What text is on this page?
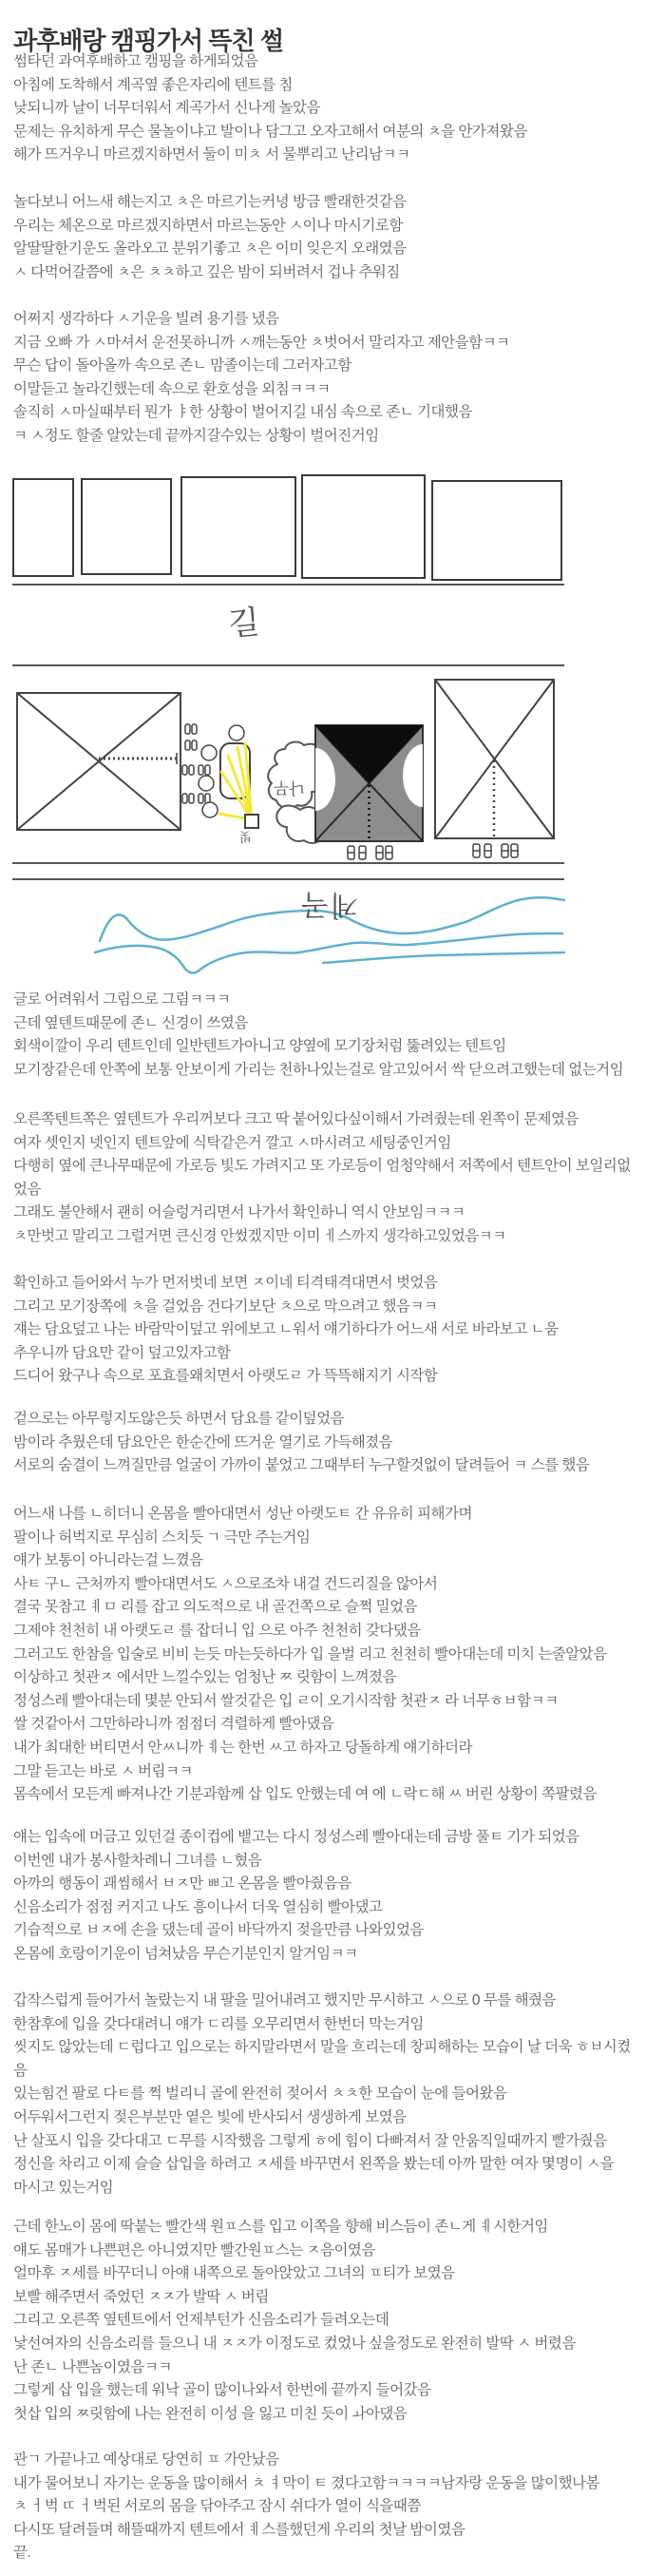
과후배랑 캠핑가서 뜩친 썰
썸타던 과여후배하고 캠핑을 하게되었음
아침에 도착해서 계곡옆 좋은자리에 텐트를 침
낮되니까 날이 너무더워서 계곡가서 신나게 놀았음
문제는 유치하게 무슨 물놀이냐고 발이나 담그고 오자고해서 여분의 ㅊ을 안가져왔음
해가 뜨거우니 마르겠지하면서 둘이 미ㅊ 서 물뿌리고 난리남ㅋㅋ
놀다보니 어느새 해는지고 ㅊ은 마르기는커녕 방금 빨래한것같음
우리는 체온으로 마르겠지하면서 마르는동안 ㅅ이나 마시기로함
알딸딸한기운도 올라오고 분위기좋고 ㅊ은 이미 잊은지 오래였음
ㅅ 다먹어갈쯤에 ㅊ은 ㅊㅊ하고 깊은 밤이 되버려서 겁나 추워짐
어쩌지 생각하다 ㅅ기운을 빌려 용기를 냈음
지금 오빠 가 ㅅ마셔서 운전못하니까 ㅅ깨는동안 ㅊ벗어서 말리자고 제안을함ㅋㅋ
무슨 답이 돌아올까 속으로 존ㄴ 맘졸이는데 그러자고함
이말듣고 놀라긴했는데 속으로 환호성을 외침ㅋㅋㅋ
솔직히 ㅅ마실때부터 뭔가 ㅑ한 상황이 벌어지길 내심 속으로 존ㄴ 기대했음
ㅋ ㅅ정도 할줄 알았는데 끝까지갈수있는 상황이 벌어진거임
글로 어려워서 그림으로 그림ㅋㅋㅋ
근데 옆텐트때문에 존ㄴ 신경이 쓰였음
회색이깔이 우리 텐트인데 일반텐트가아니고 양옆에 모기장처럼 뚫려있는 텐트임
모기장같은데 안쪽에 보통 안보이게 가리는 천하나있는걸로 알고있어서 싹 닫으려고했는데 없는거임
오른쪽텐트쪽은 옆텐트가 우리꺼보다 크고 딱 붙어있다싶이해서 가려줬는데 왼쪽이 문제였음
여자 셋인지 넷인지 텐트앞에 식탁같은거 깔고 ㅅ마시려고 세팅중인거임
다행히 옆에 큰나무때문에 가로등 빛도 가려지고 또 가로등이 엄청약해서 저쪽에서 텐트안이 보일리없
었음
그래도 불안해서 괜히 어슬렁거리면서 나가서 확인하니 역시 안보임ㅋㅋㅋ
ㅊ만벗고 말리고 그럴거면 큰신경 안썼겠지만 이미 ㅔ스까지 생각하고있었음ㅋㅋ
확인하고 들어와서 누가 먼저벗네 보면 ㅈ이네 티격태격대면서 벗었음
그리고 모기장쪽에 ㅊ을 걸었음 건다기보단 ㅊ으로 막으려고 했음ㅋㅋ
쟤는 담요덮고 나는 바람막이덮고 위에보고 ㄴ워서 얘기하다가 어느새 서로 바라보고 ㄴ움
추우니까 담요만 같이 덮고있자고함
드디어 왔구나 속으로 포효를왜치면서 아랫도ㄹ 가 뜩뜩해지기 시작함
겉으로는 아무렇지도않은듯 하면서 담요를 같이덮었음
밤이라 추웠은데 담요안은 한순간에 뜨거운 열기로 가득해졌음
서로의 숨결이 느껴질만큼 얼굴이 가까이 붙었고 그때부터 누구할것없이 달려들어 ㅋ 스를 했음
어느새 나를 ㄴ히더니 온몸을 빨아대면서 성난 아랫도ㅌ 간 유유히 피해가며
팔이나 허벅지로 무심히 스치듯 ㄱ 극만 주는거임
얘가 보통이 아니라는걸 느꼈음
사ㅌ 구ㄴ 근처까지 빨아대면서도 ㅅ으로조차 내걸 건드리질을 않아서
결국 못참고 ㅖㅁ 리를 잡고 의도적으로 내 골건쪽으로 슬쩍 밀었음
그제야 천천히 내 아랫도ㄹ 를 잡더니 입 으로 아주 천천히 갖다댔음
그러고도 한참을 입술로 비비 는듯 마는듯하다가 입 을벌 리고 천천히 빨아대는데 미치 는줄알았음
이상하고 첫관ㅈ 에서만 느낄수있는 엄청난 ㅉ 릿함이 느껴졌음
정성스레 빨아대는데 몇분 안되서 쌀것같은 입 ㄹ이 오기시작함 첫관ㅈ 라 너무ㅎㅂ함ㅋㅋ
쌀 것같아서 그만하라니까 점점더 격렬하게 빨아댔음
내가 최대한 버티면서 안ㅆ니까 ㅖ는 한번 ㅆ고 하자고 당돌하게 얘기하더라
그말 듣고는 바로 ㅅ 버림ㅋㅋ
몸속에서 모든게 빠져나간 기분과함께 삽 입도 안했는데 여 에 ㄴ락ㄷ해 ㅆ 버린 상황이 쪽팔렸음
얘는 입속에 머금고 있던걸 종이컵에 뱉고는 다시 정성스레 빨아대는데 금방 풀ㅌ 기가 되었음
이번엔 내가 봉사할차례니 그녀를 ㄴ혔음
아까의 행동이 괘씸해서 ㅂㅈ만 ㅃ고 온몸을 빨아줬음음
신음소리가 점점 커지고 나도 흥이나서 더욱 열심히 빨아댔고
기습적으로 ㅂㅈ에 손을 댔는데 골이 바닥까지 젖을만큼 나와있었음
온몸에 호랑이기운이 넘쳐났음 무슨기분인지 알거임ㅋㅋ
갑작스럽게 들어가서 놀랐는지 내 팔을 밀어내려고 했지만 무시하고 ㅅ으로 0 무를 해줬음
한참후에 입을 갖다대려니 얘가 ㄷ리를 오무리면서 한번더 막는거임
씻지도 않았는데 ㄷ럽다고 입으로는 하지말라면서 말을 흐리는데 창피해하는 모습이 날 더욱 ㅎㅂ시켰
음
있는힘건 팔로 다ㅌ를 쩍 벌리니 골에 완전히 젖어서 ㅊㅊ한 모습이 눈에 들어왔음
어두워서그런지 젖은부분만 옅은 빛에 반사되서 생생하게 보였음
난 살포시 입을 갖다대고 ㄷ무를 시작했음 그렇게 ㅎ에 힘이 다빠져서 잘 안움직일때까지 빨가줬음
정신을 차리고 이제 슬슬 삽입을 하려고 ㅈ세를 바꾸면서 왼쪽을 봤는데 아까 말한 여자 몇명이 ㅅ을
마시고 있는거임
근데 한노이 몸에 딱붙는 빨간색 원ㅍ스를 입고 이쪽을 향해 비스듬이 존ㄴ게 ㅖ시한거임
얘도 몸매가 나쁜편은 아니였지만 빨간원ㅍ스는 ㅈ음이였음
얼마후 ㅈ세를 바꾸더니 아얘 내쪽으로 돌아앉았고 그녀의 ㅍ티가 보였음
보빨 해주면서 죽었던 ㅈㅈ가 발딱 ㅅ 버림
그리고 오른쪽 옆텐트에서 언제부턴가 신음소리가 들려오는데
낯선여자의 신음소리를 들으니 내 ㅈㅈ가 이정도로 컸었나 싶을정도로 완전히 발딱 ㅅ 버렸음
난 존ㄴ 나쁜놈이였음ㅋㅋ
그렇게 삽 입을 했는데 워낙 골이 많이나와서 한번에 끝까지 들어갔음
첫삽 입의 ㅉ릿함에 나는 완전히 이성 을 잃고 미친 듯이 ㅘ아댔음
관ㄱ 가끝나고 예상대로 당연히 ㅍ 가안났음
내가 물어보니 자기는 운동을 많이해서 ㅊ ㅕ막이 ㅌ 졌다고함ㅋㅋㅋㅋ남자랑 운동을 많이했나봄
ㅊ ㅓ벅 ㄸ ㅓ벅된 서로의 몸을 닦아주고 잠시 쉬다가 열이 식을때쯤
다시또 달려들며 해뜰때까지 텐트에서 ㅖ스를했던게 우리의 첫날 밤이였음
끝.
길
나무
빛
계곡
